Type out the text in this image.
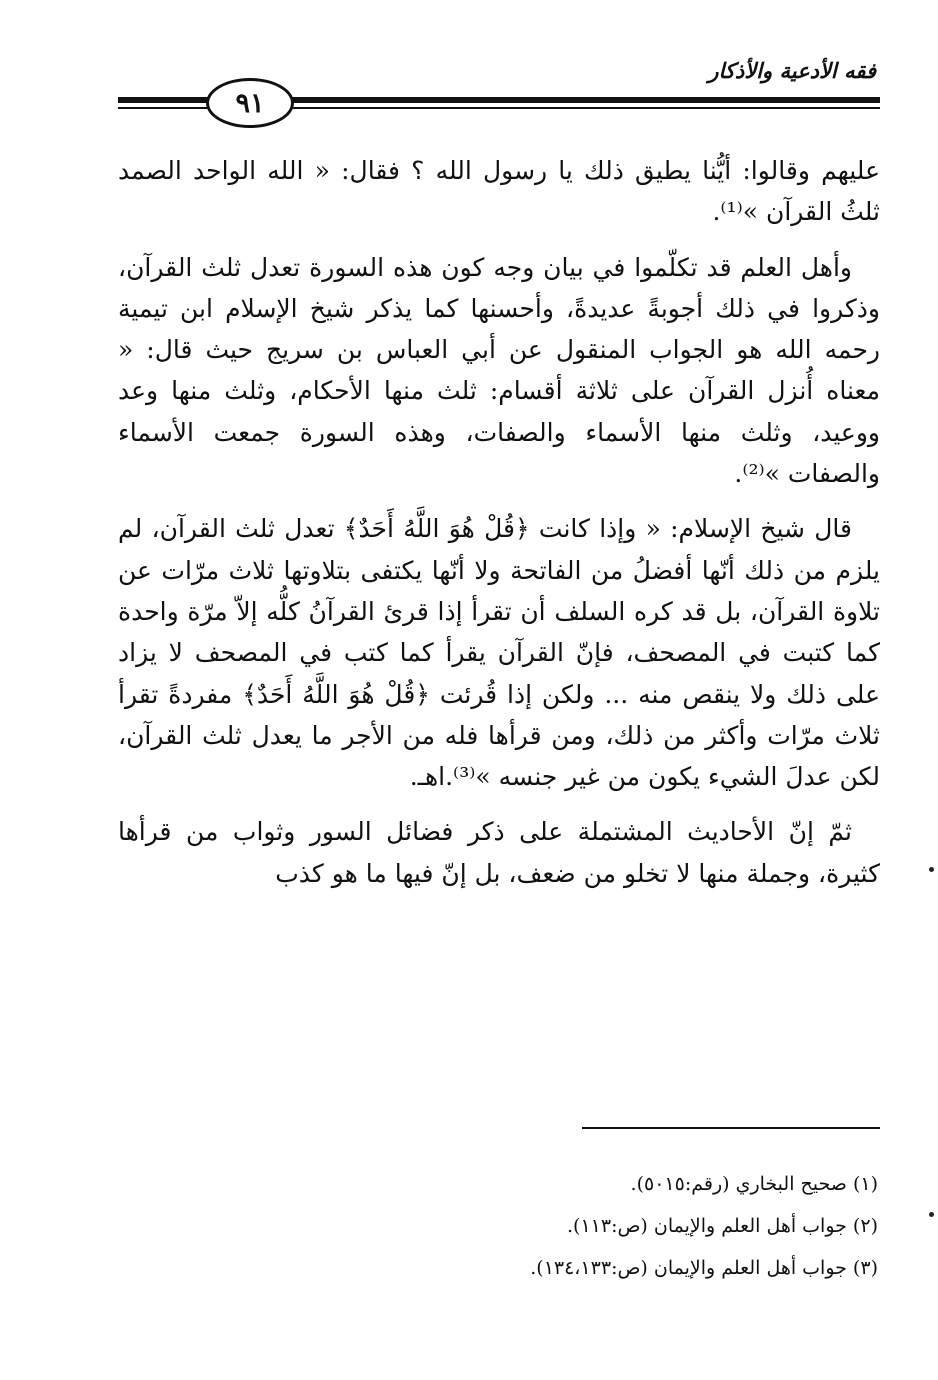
فقه الأدعية والأذكار
٩١

عليهم وقالوا: أيُّنا يطيق ذلك يا رسول الله ؟ فقال: « الله الواحد الصمد ثلثُ القرآن »⁽¹⁾.

وأهل العلم قد تكلّموا في بيان وجه كون هذه السورة تعدل ثلث القرآن، وذكروا في ذلك أجوبةً عديدةً، وأحسنها كما يذكر شيخ الإسلام ابن تيمية رحمه الله هو الجواب المنقول عن أبي العباس بن سريج حيث قال: « معناه أُنزل القرآن على ثلاثة أقسام: ثلث منها الأحكام، وثلث منها وعد ووعيد، وثلث منها الأسماء والصفات، وهذه السورة جمعت الأسماء والصفات »⁽²⁾.

قال شيخ الإسلام: « وإذا كانت ﴿قُلْ هُوَ اللَّهُ أَحَدٌ﴾ تعدل ثلث القرآن، لم يلزم من ذلك أنّها أفضلُ من الفاتحة ولا أنّها يكتفى بتلاوتها ثلاث مرّات عن تلاوة القرآن، بل قد كره السلف أن تقرأ إذا قرئ القرآنُ كلُّه إلاّ مرّة واحدة كما كتبت في المصحف، فإنّ القرآن يقرأ كما كتب في المصحف لا يزاد على ذلك ولا ينقص منه ... ولكن إذا قُرئت ﴿قُلْ هُوَ اللَّهُ أَحَدٌ﴾ مفردةً تقرأ ثلاث مرّات وأكثر من ذلك، ومن قرأها فله من الأجر ما يعدل ثلث القرآن، لكن عدلَ الشيء يكون من غير جنسه »⁽³⁾.اهـ.

ثمّ إنّ الأحاديث المشتملة على ذكر فضائل السور وثواب من قرأها كثيرة، وجملة منها لا تخلو من ضعف، بل إنّ فيها ما هو كذب

(١) صحيح البخاري (رقم:٥٠١٥).

(٢) جواب أهل العلم والإيمان (ص:١١٣).

(٣) جواب أهل العلم والإيمان (ص:١٣٤،١٣٣).
